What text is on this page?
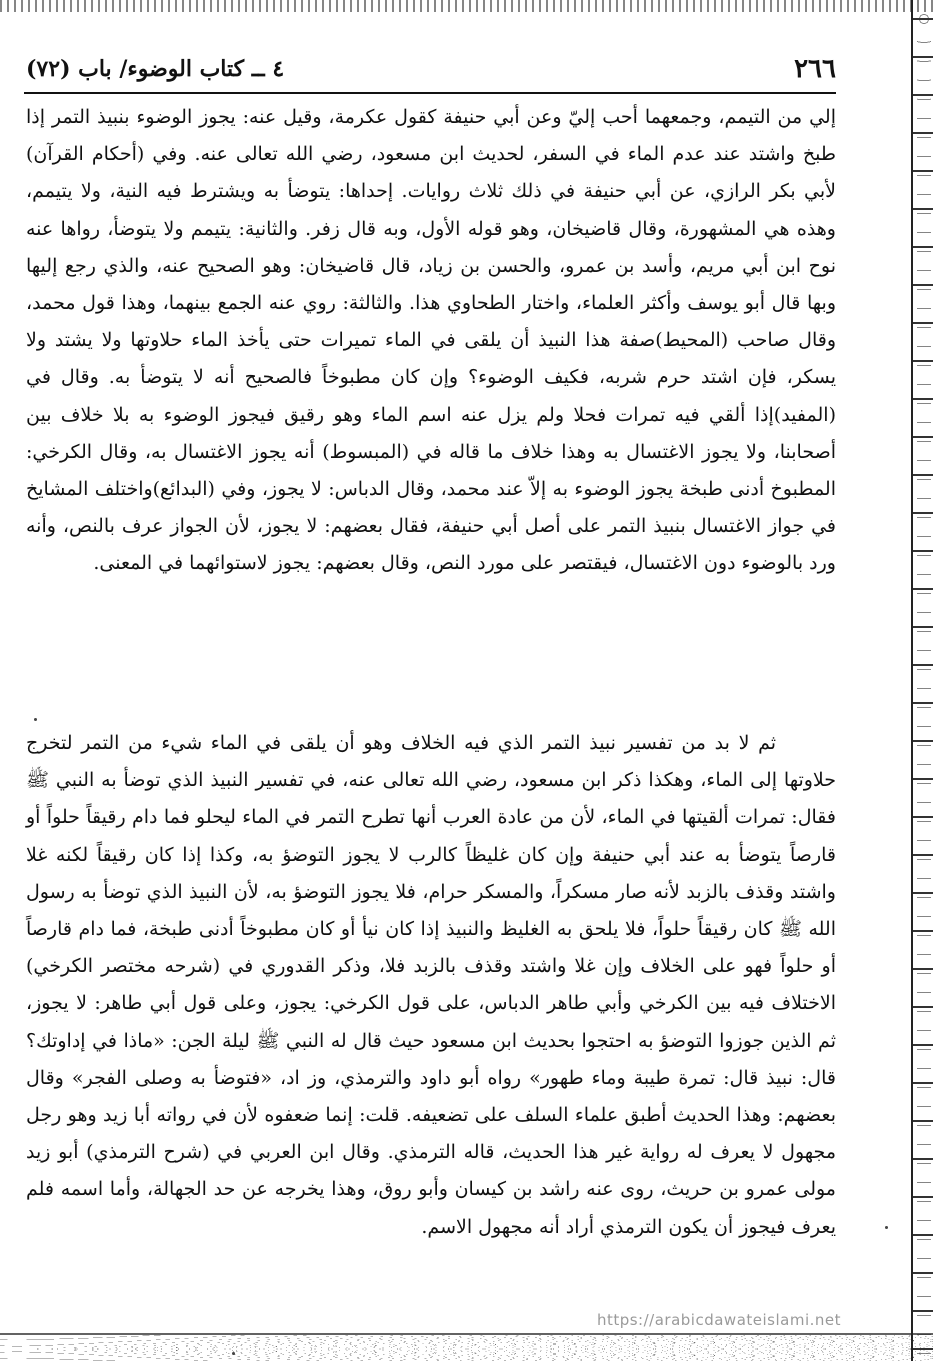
٢٦٦
٤ ــ كتاب الوضوء/ باب (٧٢)
إلي من التيمم، وجمعهما أحب إليّ وعن أبي حنيفة كقول عكرمة، وقيل عنه: يجوز الوضوء بنبيذ التمر إذا طبخ واشتد عند عدم الماء في السفر، لحديث ابن مسعود، رضي الله تعالى عنه. وفي (أحكام القرآن) لأبي بكر الرازي، عن أبي حنيفة في ذلك ثلاث روايات. إحداها: يتوضأ به ويشترط فيه النية، ولا يتيمم، وهذه هي المشهورة، وقال قاضيخان، وهو قوله الأول، وبه قال زفر. والثانية: يتيمم ولا يتوضأ، رواها عنه نوح ابن أبي مريم، وأسد بن عمرو، والحسن بن زياد، قال قاضيخان: وهو الصحيح عنه، والذي رجع إليها وبها قال أبو يوسف وأكثر العلماء، واختار الطحاوي هذا. والثالثة: روي عنه الجمع بينهما، وهذا قول محمد، وقال صاحب (المحيط)صفة هذا النبيذ أن يلقى في الماء تميرات حتى يأخذ الماء حلاوتها ولا يشتد ولا يسكر، فإن اشتد حرم شربه، فكيف الوضوء؟ وإن كان مطبوخاً فالصحيح أنه لا يتوضأ به. وقال في (المفيد)إذا ألقي فيه تمرات فحلا ولم يزل عنه اسم الماء وهو رقيق فيجوز الوضوء به بلا خلاف بين أصحابنا، ولا يجوز الاغتسال به وهذا خلاف ما قاله في (المبسوط) أنه يجوز الاغتسال به، وقال الكرخي: المطبوخ أدنى طبخة يجوز الوضوء به إلاّ عند محمد، وقال الدباس: لا يجوز، وفي (البدائع)واختلف المشايخ في جواز الاغتسال بنبيذ التمر على أصل أبي حنيفة، فقال بعضهم: لا يجوز، لأن الجواز عرف بالنص، وأنه ورد بالوضوء دون الاغتسال، فيقتصر على مورد النص، وقال بعضهم: يجوز لاستوائهما في المعنى.
ثم لا بد من تفسير نبيذ التمر الذي فيه الخلاف وهو أن يلقى في الماء شيء من التمر لتخرج حلاوتها إلى الماء، وهكذا ذكر ابن مسعود، رضي الله تعالى عنه، في تفسير النبيذ الذي توضأ به النبي ﷺ فقال: تمرات ألقيتها في الماء، لأن من عادة العرب أنها تطرح التمر في الماء ليحلو فما دام رقيقاً حلواً أو قارصاً يتوضأ به عند أبي حنيفة وإن كان غليظاً كالرب لا يجوز التوضؤ به، وكذا إذا كان رقيقاً لكنه غلا واشتد وقذف بالزبد لأنه صار مسكراً، والمسكر حرام، فلا يجوز التوضؤ به، لأن النبيذ الذي توضأ به رسول الله ﷺ كان رقيقاً حلواً، فلا يلحق به الغليظ والنبيذ إذا كان نيأ أو كان مطبوخاً أدنى طبخة، فما دام قارصاً أو حلواً فهو على الخلاف وإن غلا واشتد وقذف بالزبد فلا، وذكر القدوري في (شرحه مختصر الكرخي) الاختلاف فيه بين الكرخي وأبي طاهر الدباس، على قول الكرخي: يجوز، وعلى قول أبي طاهر: لا يجوز، ثم الذين جوزوا التوضؤ به احتجوا بحديث ابن مسعود حيث قال له النبي ﷺ ليلة الجن: «ماذا في إداوتك؟ قال: نبيذ قال: تمرة طيبة وماء طهور» رواه أبو داود والترمذي، وز اد، «فتوضأ به وصلى الفجر» وقال بعضهم: وهذا الحديث أطبق علماء السلف على تضعيفه. قلت: إنما ضعفوه لأن في رواته أبا زيد وهو رجل مجهول لا يعرف له رواية غير هذا الحديث، قاله الترمذي. وقال ابن العربي في (شرح الترمذي) أبو زيد مولى عمرو بن حريث، روى عنه راشد بن كيسان وأبو روق، وهذا يخرجه عن حد الجهالة، وأما اسمه فلم يعرف فيجوز أن يكون الترمذي أراد أنه مجهول الاسم.
https://arabicdawateislami.net
